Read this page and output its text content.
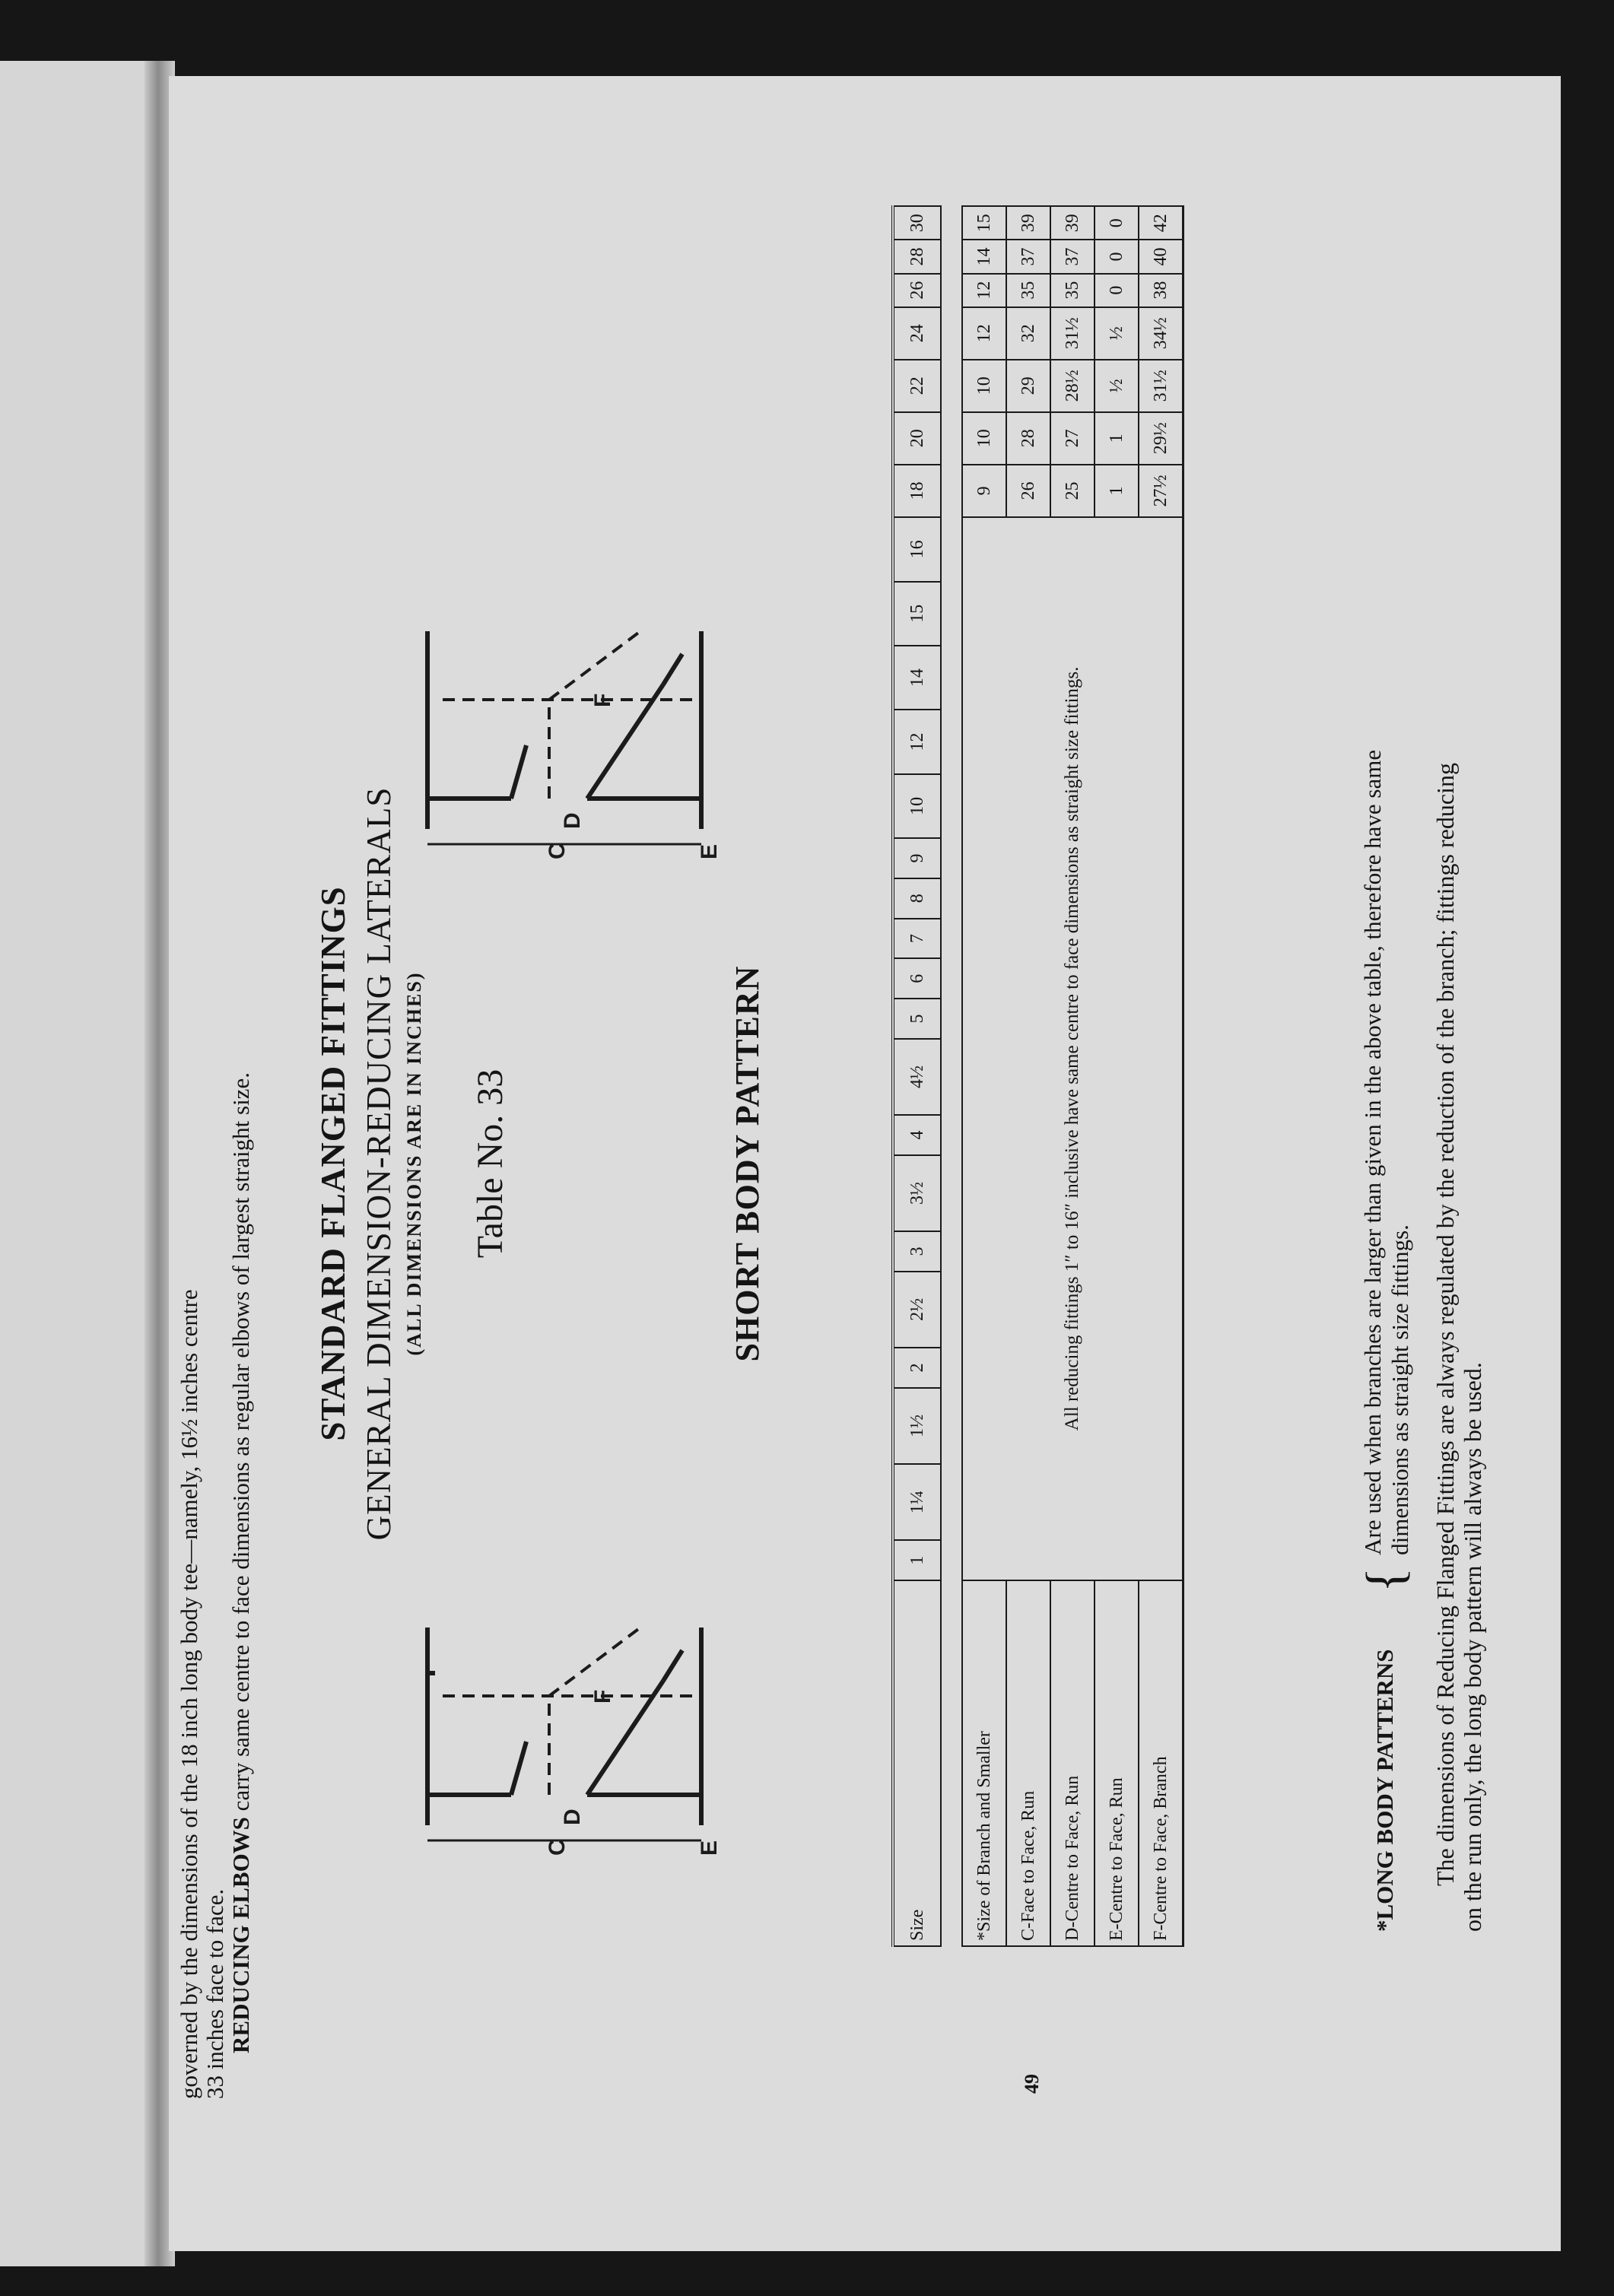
governed by the dimensions of the 18 inch long body tee—namely, 16½ inches centre 33 inches face to face. REDUCING ELBOWS carry same centre to face dimensions as regular elbows of largest straight size. STANDARD FLANGED FITTINGS GENERAL DIMENSION-REDUCING LATERALS (ALL DIMENSIONS ARE IN INCHES) Table No. 33	SHORT BODY PATTERN
C
D
F
E
C
D
F
E
Size	1	1¼	1½	2	2½	3	3½	4	4½	5	6	7	8	9	10	12	14	15	16	18	20	22	24	26	28	30

*Size of Branch and Smaller	All reducing fittings 1″ to 16″ inclusive have same centre to face dimensions as straight size fittings.																			9	10	10	12	12	14	15
C-Face to Face, Run																				26	28	29	32	35	37	39
D-Centre to Face, Run																				25	27	28½	31½	35	37	39
E-Centre to Face, Run																				1	1	½	½	0	0	0
F-Centre to Face, Branch																				27½	29½	31½	34½	38	40	42
*LONG BODY PATTERNS {
Are used when branches are larger than given in the above table, therefore have same dimensions as straight size fittings. The dimensions of Reducing Flanged Fittings are always regulated by the reduction of the branch; fittings reducing on the run only, the long body pattern will always be used.
49
